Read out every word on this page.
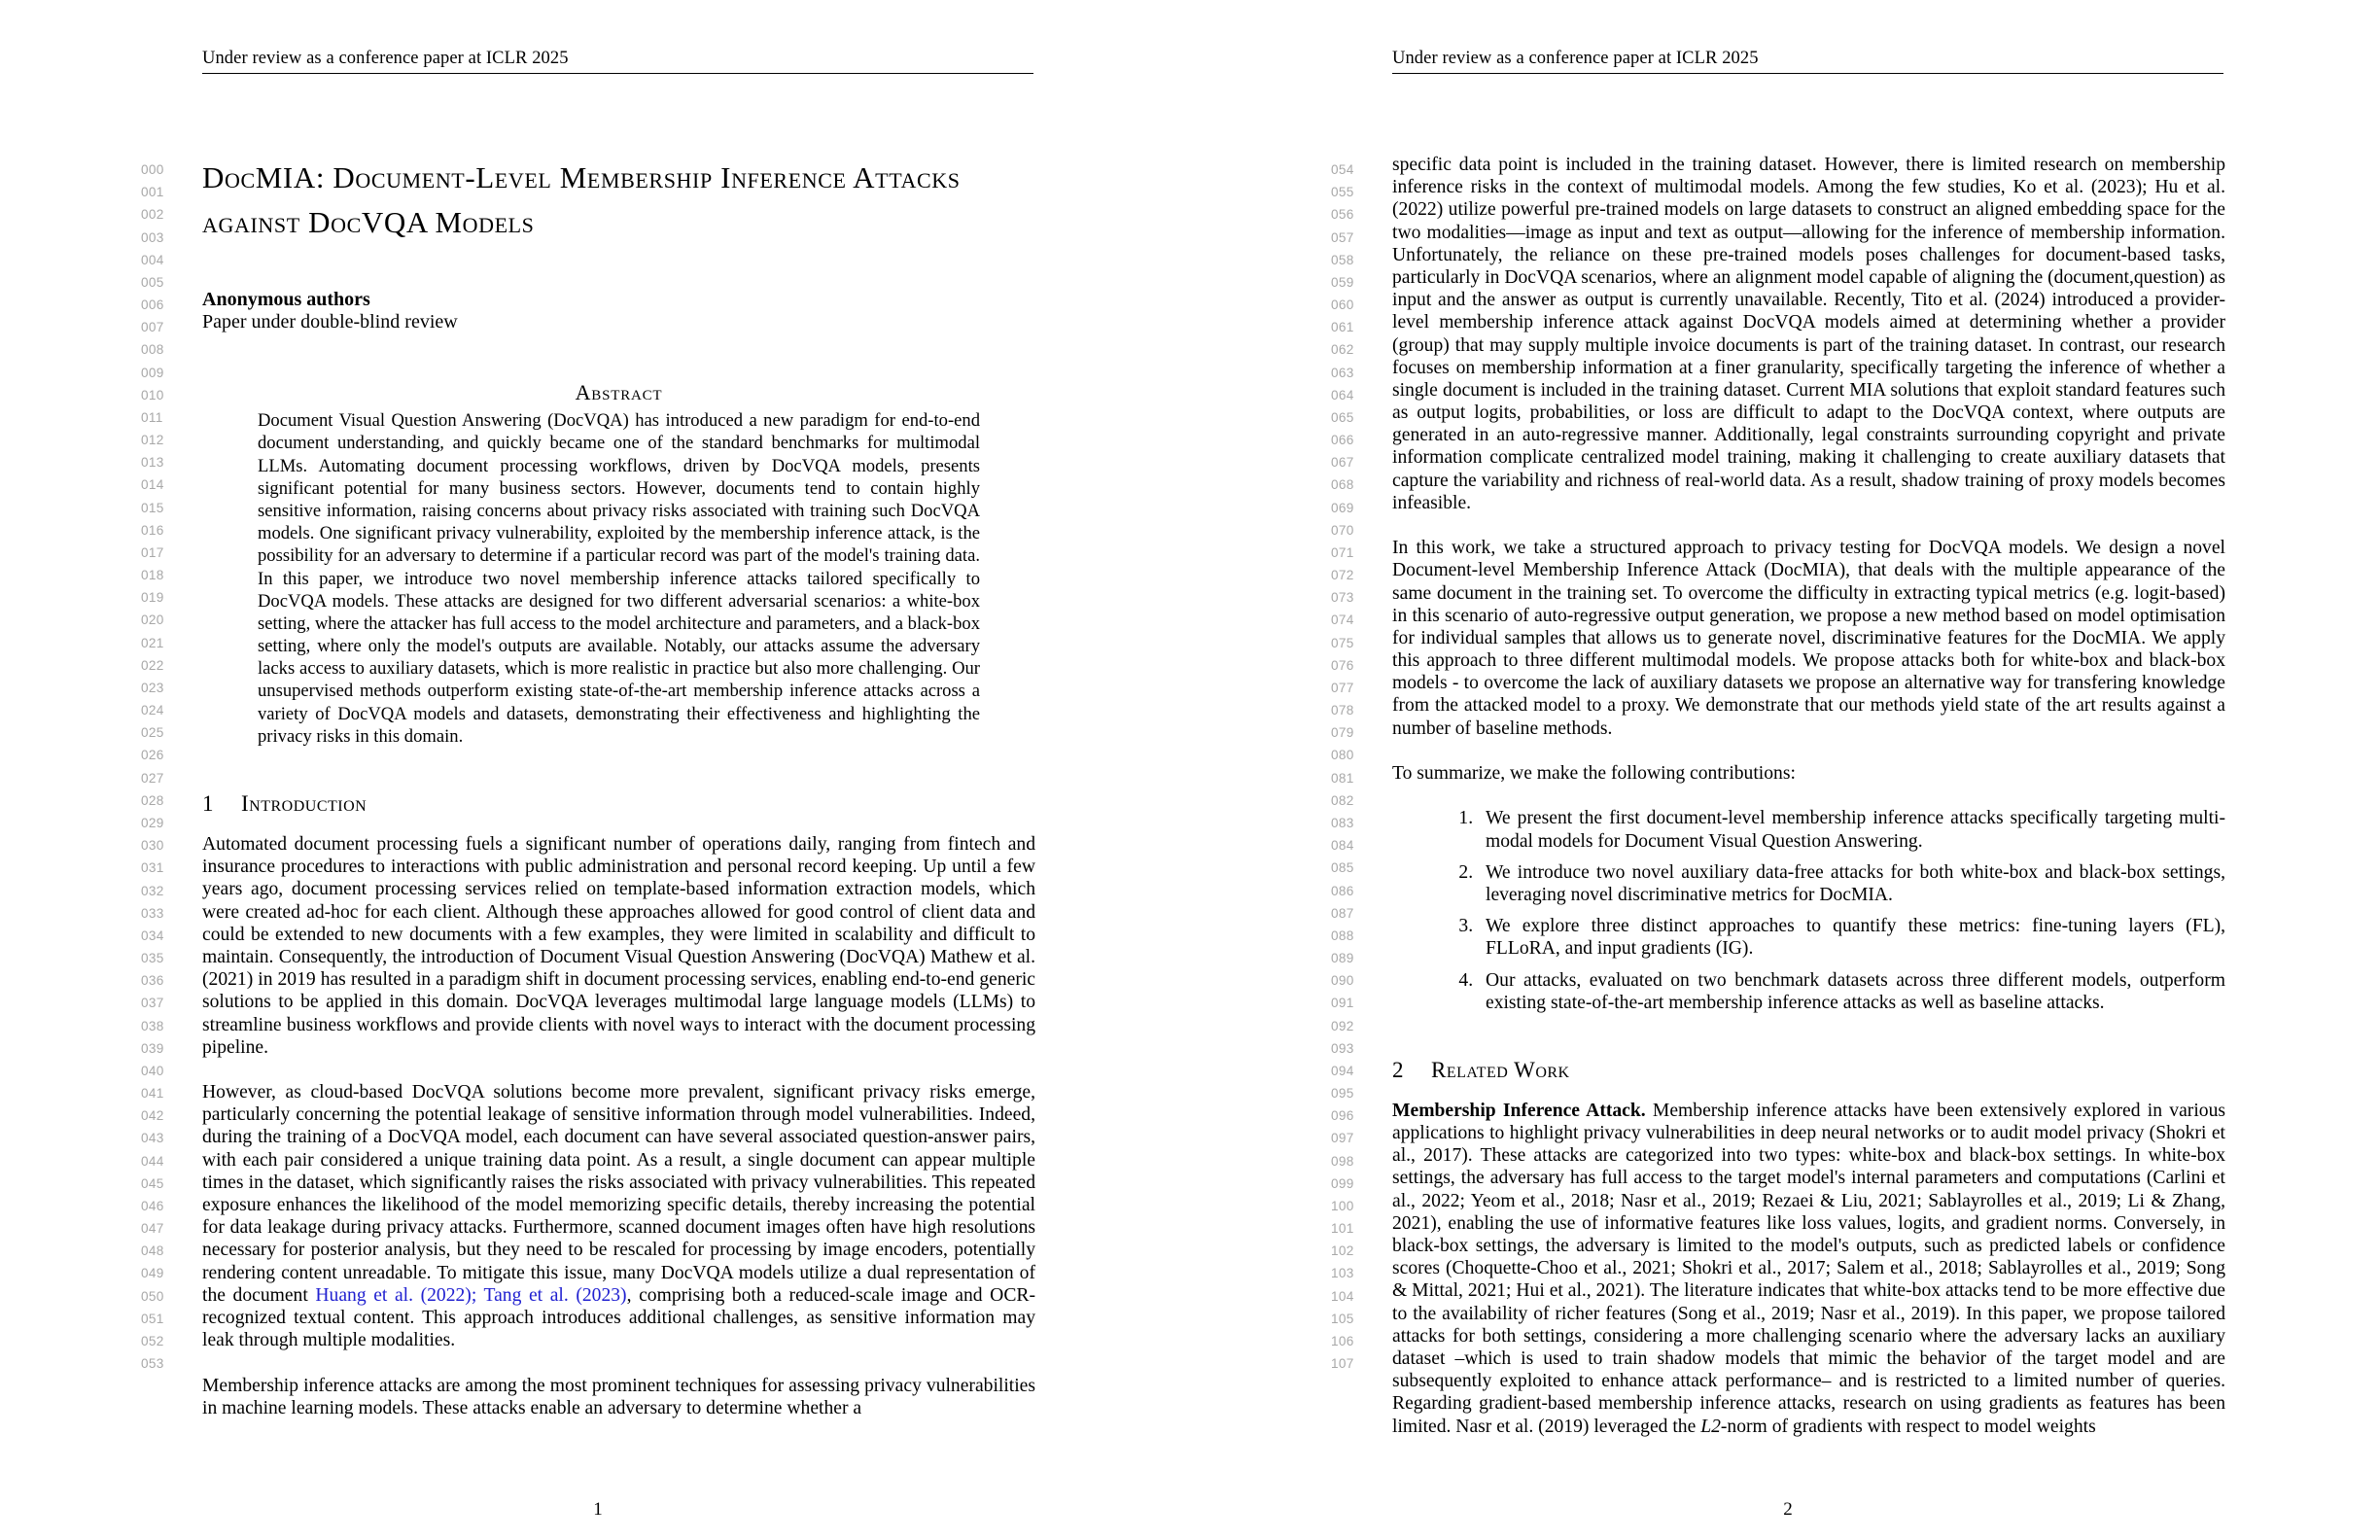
Under review as a conference paper at ICLR 2025
000
001
002
003
004
005
006
007
008
009
010
011
012
013
014
015
016
017
018
019
020
021
022
023
024
025
026
027
028
029
030
031
032
033
034
035
036
037
038
039
040
041
042
043
044
045
046
047
048
049
050
051
052
053
DocMIA: Document-Level Membership Inference Attacks against DocVQA Models
Anonymous authors
Paper under double-blind review
Abstract
Document Visual Question Answering (DocVQA) has introduced a new paradigm for end-to-end document understanding, and quickly became one of the standard benchmarks for multimodal LLMs. Automating document processing workflows, driven by DocVQA models, presents significant potential for many business sectors. However, documents tend to contain highly sensitive information, raising concerns about privacy risks associated with training such DocVQA models. One significant privacy vulnerability, exploited by the membership inference attack, is the possibility for an adversary to determine if a particular record was part of the model's training data. In this paper, we introduce two novel membership inference attacks tailored specifically to DocVQA models. These attacks are designed for two different adversarial scenarios: a white-box setting, where the attacker has full access to the model architecture and parameters, and a black-box setting, where only the model's outputs are available. Notably, our attacks assume the adversary lacks access to auxiliary datasets, which is more realistic in practice but also more challenging. Our unsupervised methods outperform existing state-of-the-art membership inference attacks across a variety of DocVQA models and datasets, demonstrating their effectiveness and highlighting the privacy risks in this domain.
1	Introduction

Automated document processing fuels a significant number of operations daily, ranging from fintech and insurance procedures to interactions with public administration and personal record keeping. Up until a few years ago, document processing services relied on template-based information extraction models, which were created ad-hoc for each client. Although these approaches allowed for good control of client data and could be extended to new documents with a few examples, they were limited in scalability and difficult to maintain. Consequently, the introduction of Document Visual Question Answering (DocVQA) Mathew et al. (2021) in 2019 has resulted in a paradigm shift in document processing services, enabling end-to-end generic solutions to be applied in this domain. DocVQA leverages multimodal large language models (LLMs) to streamline business workflows and provide clients with novel ways to interact with the document processing pipeline.

However, as cloud-based DocVQA solutions become more prevalent, significant privacy risks emerge, particularly concerning the potential leakage of sensitive information through model vulnerabilities. Indeed, during the training of a DocVQA model, each document can have several associated question-answer pairs, with each pair considered a unique training data point. As a result, a single document can appear multiple times in the dataset, which significantly raises the risks associated with privacy vulnerabilities. This repeated exposure enhances the likelihood of the model memorizing specific details, thereby increasing the potential for data leakage during privacy attacks. Furthermore, scanned document images often have high resolutions necessary for posterior analysis, but they need to be rescaled for processing by image encoders, potentially rendering content unreadable. To mitigate this issue, many DocVQA models utilize a dual representation of the document Huang et al. (2022); Tang et al. (2023), comprising both a reduced-scale image and OCR-recognized textual content. This approach introduces additional challenges, as sensitive information may leak through multiple modalities.

Membership inference attacks are among the most prominent techniques for assessing privacy vulnerabilities in machine learning models. These attacks enable an adversary to determine whether a

1
Under review as a conference paper at ICLR 2025
054
055
056
057
058
059
060
061
062
063
064
065
066
067
068
069
070
071
072
073
074
075
076
077
078
079
080
081
082
083
084
085
086
087
088
089
090
091
092
093
094
095
096
097
098
099
100
101
102
103
104
105
106
107

specific data point is included in the training dataset. However, there is limited research on membership inference risks in the context of multimodal models. Among the few studies, Ko et al. (2023); Hu et al. (2022) utilize powerful pre-trained models on large datasets to construct an aligned embedding space for the two modalities—image as input and text as output—allowing for the inference of membership information. Unfortunately, the reliance on these pre-trained models poses challenges for document-based tasks, particularly in DocVQA scenarios, where an alignment model capable of aligning the (document,question) as input and the answer as output is currently unavailable. Recently, Tito et al. (2024) introduced a provider-level membership inference attack against DocVQA models aimed at determining whether a provider (group) that may supply multiple invoice documents is part of the training dataset. In contrast, our research focuses on membership information at a finer granularity, specifically targeting the inference of whether a single document is included in the training dataset. Current MIA solutions that exploit standard features such as output logits, probabilities, or loss are difficult to adapt to the DocVQA context, where outputs are generated in an auto-regressive manner. Additionally, legal constraints surrounding copyright and private information complicate centralized model training, making it challenging to create auxiliary datasets that capture the variability and richness of real-world data. As a result, shadow training of proxy models becomes infeasible.

In this work, we take a structured approach to privacy testing for DocVQA models. We design a novel Document-level Membership Inference Attack (DocMIA), that deals with the multiple appearance of the same document in the training set. To overcome the difficulty in extracting typical metrics (e.g. logit-based) in this scenario of auto-regressive output generation, we propose a new method based on model optimisation for individual samples that allows us to generate novel, discriminative features for the DocMIA. We apply this approach to three different multimodal models. We propose attacks both for white-box and black-box models - to overcome the lack of auxiliary datasets we propose an alternative way for transfering knowledge from the attacked model to a proxy. We demonstrate that our methods yield state of the art results against a number of baseline methods.

To summarize, we make the following contributions:

1. We present the first document-level membership inference attacks specifically targeting multi-modal models for Document Visual Question Answering.
2. We introduce two novel auxiliary data-free attacks for both white-box and black-box settings, leveraging novel discriminative metrics for DocMIA.
3. We explore three distinct approaches to quantify these metrics: fine-tuning layers (FL), FLLoRA, and input gradients (IG).
4. Our attacks, evaluated on two benchmark datasets across three different models, outperform existing state-of-the-art membership inference attacks as well as baseline attacks.
2	Related Work

Membership Inference Attack. Membership inference attacks have been extensively explored in various applications to highlight privacy vulnerabilities in deep neural networks or to audit model privacy (Shokri et al., 2017). These attacks are categorized into two types: white-box and black-box settings. In white-box settings, the adversary has full access to the target model's internal parameters and computations (Carlini et al., 2022; Yeom et al., 2018; Nasr et al., 2019; Rezaei & Liu, 2021; Sablayrolles et al., 2019; Li & Zhang, 2021), enabling the use of informative features like loss values, logits, and gradient norms. Conversely, in black-box settings, the adversary is limited to the model's outputs, such as predicted labels or confidence scores (Choquette-Choo et al., 2021; Shokri et al., 2017; Salem et al., 2018; Sablayrolles et al., 2019; Song & Mittal, 2021; Hui et al., 2021). The literature indicates that white-box attacks tend to be more effective due to the availability of richer features (Song et al., 2019; Nasr et al., 2019). In this paper, we propose tailored attacks for both settings, considering a more challenging scenario where the adversary lacks an auxiliary dataset –which is used to train shadow models that mimic the behavior of the target model and are subsequently exploited to enhance attack performance– and is restricted to a limited number of queries. Regarding gradient-based membership inference attacks, research on using gradients as features has been limited. Nasr et al. (2019) leveraged the L2-norm of gradients with respect to model weights

2
